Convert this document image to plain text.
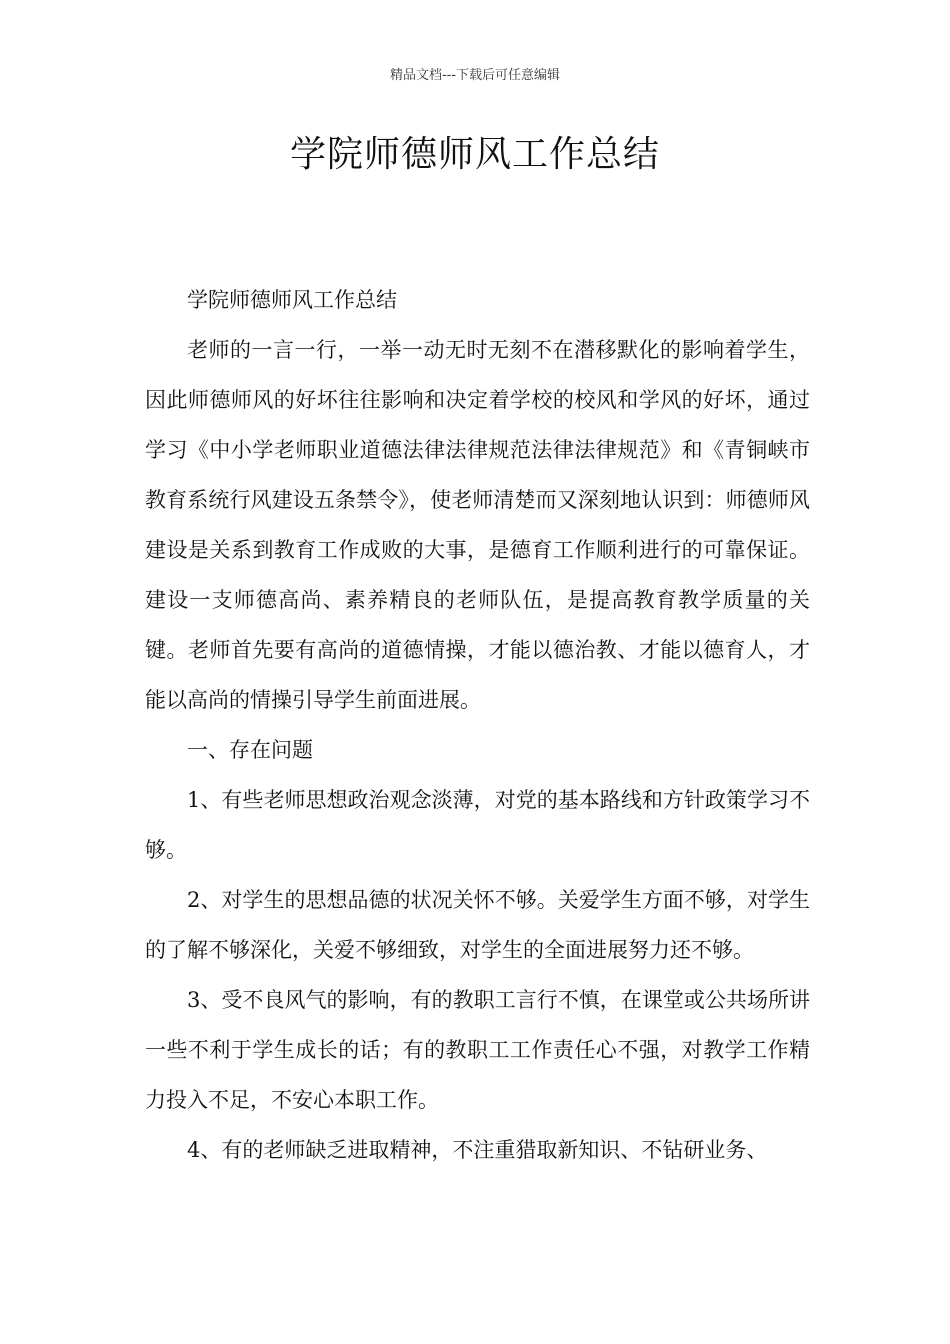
精品文档---下载后可任意编辑
学院师德师风工作总结

学院师德师风工作总结

老师的一言一行，一举一动无时无刻不在潜移默化的影响着学生，因此师德师风的好坏往往影响和决定着学校的校风和学风的好坏，通过学习《中小学老师职业道德法律法律规范法律法律规范》和《青铜峡市教育系统行风建设五条禁令》，使老师清楚而又深刻地认识到：师德师风建设是关系到教育工作成败的大事，是德育工作顺利进行的可靠保证。建设一支师德高尚、素养精良的老师队伍，是提高教育教学质量的关键。老师首先要有高尚的道德情操，才能以德治教、才能以德育人，才能以高尚的情操引导学生前面进展。

一、存在问题

1、有些老师思想政治观念淡薄，对党的基本路线和方针政策学习不够。

2、对学生的思想品德的状况关怀不够。关爱学生方面不够，对学生的了解不够深化，关爱不够细致，对学生的全面进展努力还不够。

3、受不良风气的影响，有的教职工言行不慎，在课堂或公共场所讲一些不利于学生成长的话；有的教职工工作责任心不强，对教学工作精力投入不足，不安心本职工作。

4、有的老师缺乏进取精神，不注重猎取新知识、不钻研业务、
